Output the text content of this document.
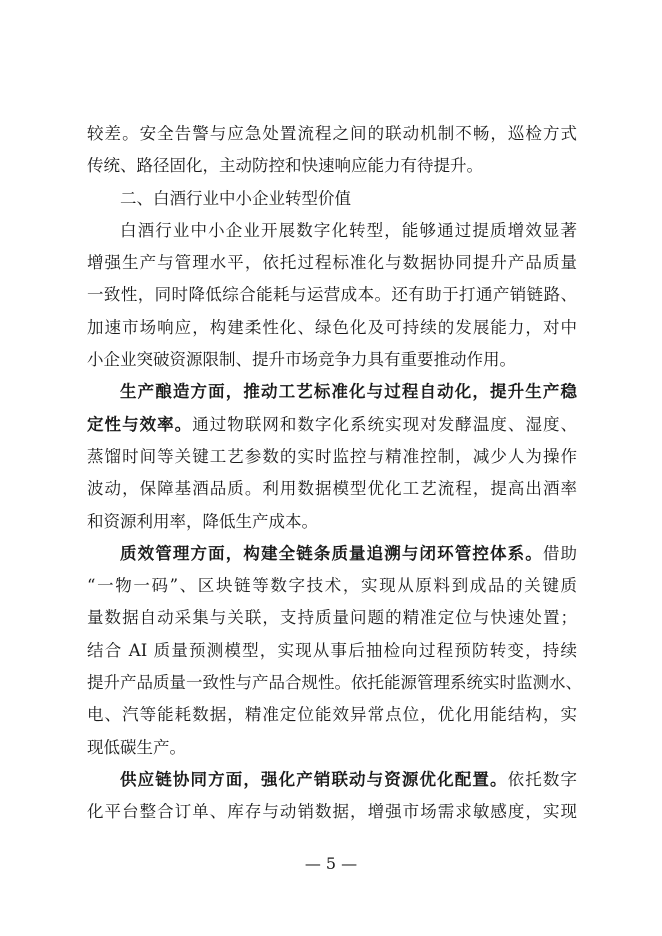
较差。安全告警与应急处置流程之间的联动机制不畅，巡检方式
传统、路径固化，主动防控和快速响应能力有待提升。
二、白酒行业中小企业转型价值
白酒行业中小企业开展数字化转型，能够通过提质增效显著
增强生产与管理水平，依托过程标准化与数据协同提升产品质量
一致性，同时降低综合能耗与运营成本。还有助于打通产销链路、
加速市场响应，构建柔性化、绿色化及可持续的发展能力，对中
小企业突破资源限制、提升市场竞争力具有重要推动作用。
生产酿造方面，推动工艺标准化与过程自动化，提升生产稳
定性与效率。通过物联网和数字化系统实现对发酵温度、湿度、
蒸馏时间等关键工艺参数的实时监控与精准控制，减少人为操作
波动，保障基酒品质。利用数据模型优化工艺流程，提高出酒率
和资源利用率，降低生产成本。
质效管理方面，构建全链条质量追溯与闭环管控体系。借助
“一物一码”、区块链等数字技术，实现从原料到成品的关键质
量数据自动采集与关联，支持质量问题的精准定位与快速处置；
结合 AI 质量预测模型，实现从事后抽检向过程预防转变，持续
提升产品质量一致性与产品合规性。依托能源管理系统实时监测水、
电、汽等能耗数据，精准定位能效异常点位，优化用能结构，实
现低碳生产。
供应链协同方面，强化产销联动与资源优化配置。依托数字
化平台整合订单、库存与动销数据，增强市场需求敏感度，实现
— 5 —
